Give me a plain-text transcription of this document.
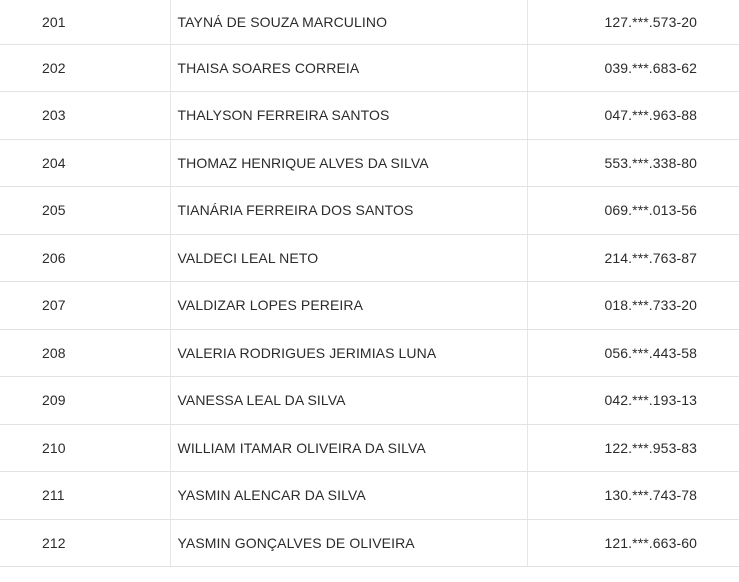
201	TAYNÁ DE SOUZA MARCULINO	127.***.573-20
202	THAISA SOARES CORREIA	039.***.683-62
203	THALYSON FERREIRA SANTOS	047.***.963-88
204	THOMAZ HENRIQUE ALVES DA SILVA	553.***.338-80
205	TIANÁRIA FERREIRA DOS SANTOS	069.***.013-56
206	VALDECI LEAL NETO	214.***.763-87
207	VALDIZAR LOPES PEREIRA	018.***.733-20
208	VALERIA RODRIGUES JERIMIAS LUNA	056.***.443-58
209	VANESSA LEAL DA SILVA	042.***.193-13
210	WILLIAM ITAMAR OLIVEIRA DA SILVA	122.***.953-83
211	YASMIN ALENCAR DA SILVA	130.***.743-78
212	YASMIN GONÇALVES DE OLIVEIRA	121.***.663-60
